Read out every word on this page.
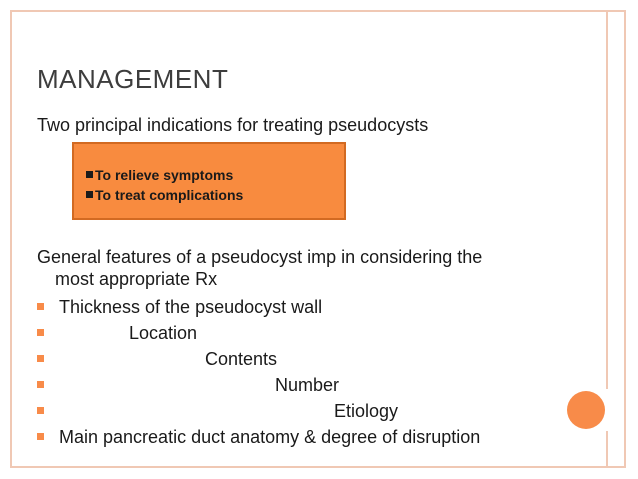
MANAGEMENT
Two principal indications for treating pseudocysts
To relieve symptoms
To treat complications
General features of a pseudocyst imp in considering the
most appropriate Rx
Thickness of the pseudocyst wall
Location
Contents
Number
Etiology
Main pancreatic duct anatomy & degree of disruption
